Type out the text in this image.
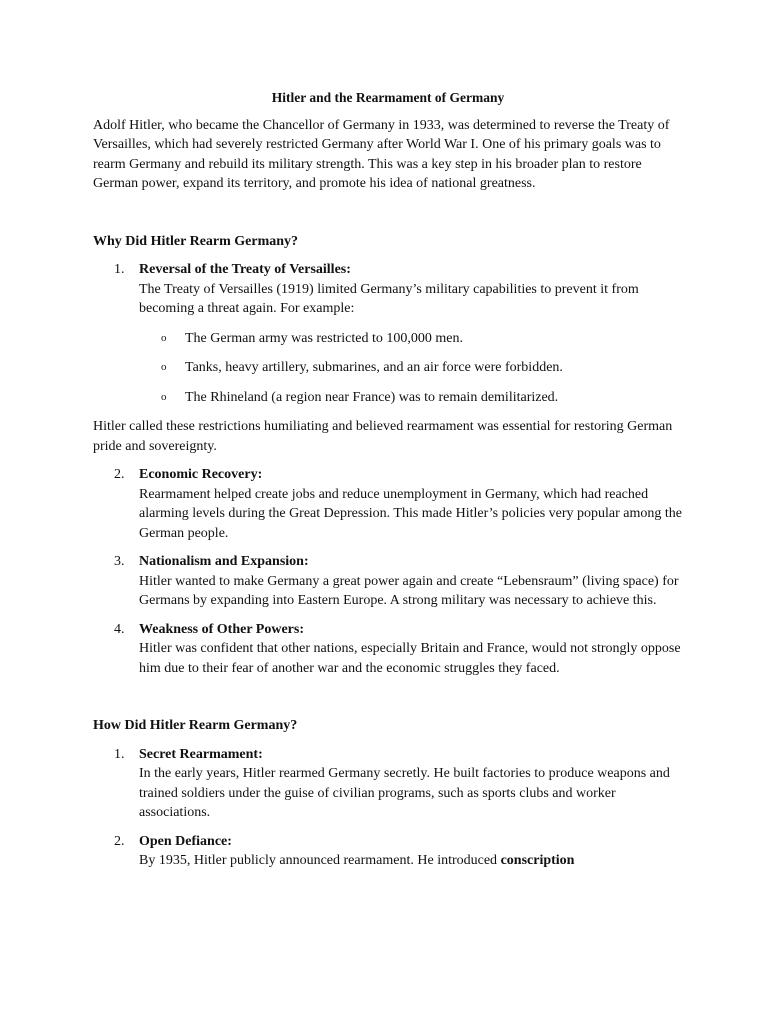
Hitler and the Rearmament of Germany

Adolf Hitler, who became the Chancellor of Germany in 1933, was determined to reverse the Treaty of Versailles, which had severely restricted Germany after World War I. One of his primary goals was to rearm Germany and rebuild its military strength. This was a key step in his broader plan to restore German power, expand its territory, and promote his idea of national greatness.

Why Did Hitler Rearm Germany?

1. Reversal of the Treaty of Versailles:
The Treaty of Versailles (1919) limited Germany’s military capabilities to prevent it from becoming a threat again. For example:
o The German army was restricted to 100,000 men.
o Tanks, heavy artillery, submarines, and an air force were forbidden.
o The Rhineland (a region near France) was to remain demilitarized.

Hitler called these restrictions humiliating and believed rearmament was essential for restoring German pride and sovereignty.

2. Economic Recovery:
Rearmament helped create jobs and reduce unemployment in Germany, which had reached alarming levels during the Great Depression. This made Hitler’s policies very popular among the German people.
3. Nationalism and Expansion:
Hitler wanted to make Germany a great power again and create “Lebensraum” (living space) for Germans by expanding into Eastern Europe. A strong military was necessary to achieve this.
4. Weakness of Other Powers:
Hitler was confident that other nations, especially Britain and France, would not strongly oppose him due to their fear of another war and the economic struggles they faced.

How Did Hitler Rearm Germany?

1. Secret Rearmament:
In the early years, Hitler rearmed Germany secretly. He built factories to produce weapons and trained soldiers under the guise of civilian programs, such as sports clubs and worker associations.
2. Open Defiance:
By 1935, Hitler publicly announced rearmament. He introduced conscription
